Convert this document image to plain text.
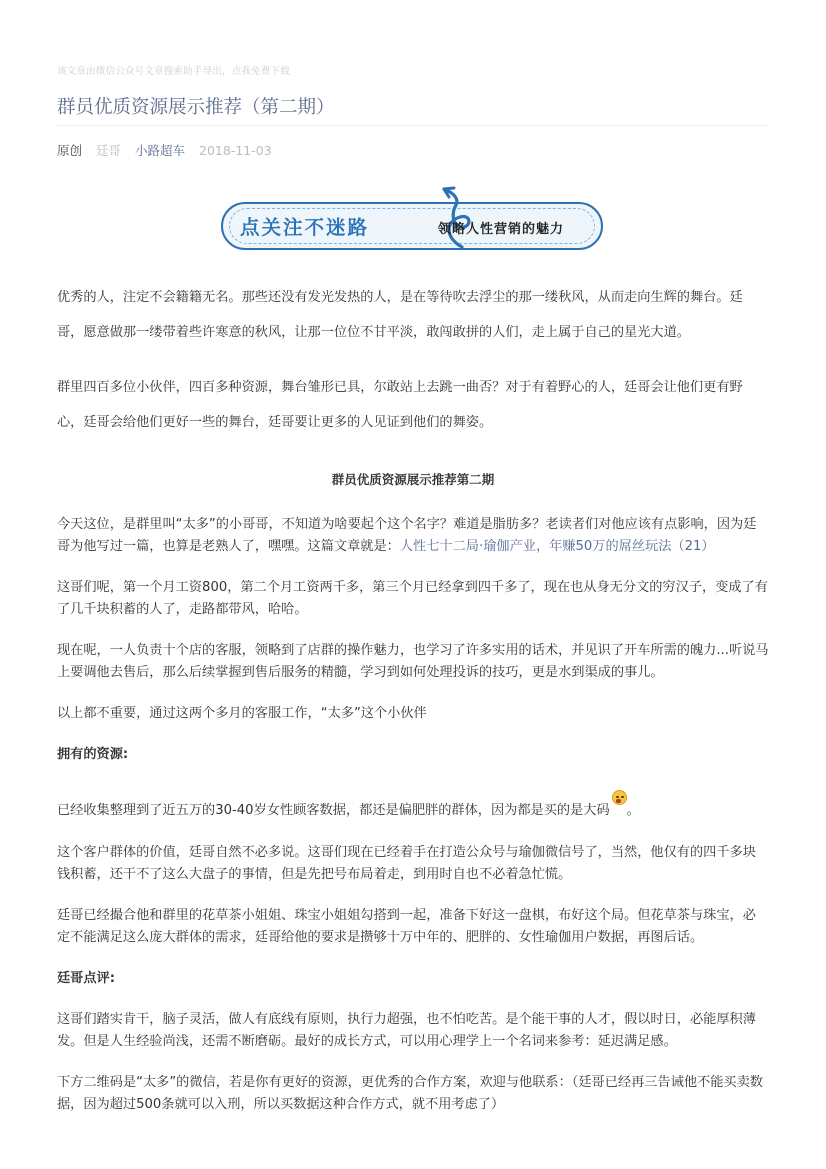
该文章由微信公众号文章搜索助手导出，点我免费下载
群员优质资源展示推荐（第二期）
原创 廷哥 小路超车 2018-11-03
点关注不迷路	领略人性营销的魅力

优秀的人，注定不会籍籍无名。那些还没有发光发热的人，是在等待吹去浮尘的那一缕秋风，从而走向生辉的舞台。廷哥，愿意做那一缕带着些许寒意的秋风，让那一位位不甘平淡，敢闯敢拼的人们，走上属于自己的星光大道。

群里四百多位小伙伴，四百多种资源，舞台雏形已具，尔敢站上去跳一曲否？对于有着野心的人，廷哥会让他们更有野心，廷哥会给他们更好一些的舞台，廷哥要让更多的人见证到他们的舞姿。

群员优质资源展示推荐第二期

今天这位，是群里叫“太多”的小哥哥，不知道为啥要起个这个名字？难道是脂肪多？老读者们对他应该有点影响，因为廷哥为他写过一篇，也算是老熟人了，嘿嘿。这篇文章就是：人性七十二局·瑜伽产业，年赚50万的屌丝玩法（21）

这哥们呢，第一个月工资800，第二个月工资两千多，第三个月已经拿到四千多了，现在也从身无分文的穷汉子，变成了有了几千块积蓄的人了，走路都带风，哈哈。

现在呢，一人负责十个店的客服，领略到了店群的操作魅力，也学习了许多实用的话术，并见识了开车所需的魄力...听说马上要调他去售后，那么后续掌握到售后服务的精髓，学习到如何处理投诉的技巧，更是水到渠成的事儿。

以上都不重要，通过这两个多月的客服工作，“太多”这个小伙伴

拥有的资源:

已经收集整理到了近五万的30-40岁女性顾客数据，都还是偏肥胖的群体，因为都是买的是大码 。

这个客户群体的价值，廷哥自然不必多说。这哥们现在已经着手在打造公众号与瑜伽微信号了，当然，他仅有的四千多块钱积蓄，还干不了这么大盘子的事情，但是先把号布局着走，到用时自也不必着急忙慌。

廷哥已经撮合他和群里的花草茶小姐姐、珠宝小姐姐勾搭到一起，准备下好这一盘棋，布好这个局。但花草茶与珠宝，必定不能满足这么庞大群体的需求，廷哥给他的要求是攒够十万中年的、肥胖的、女性瑜伽用户数据，再图后话。

廷哥点评:

这哥们踏实肯干，脑子灵活，做人有底线有原则，执行力超强，也不怕吃苦。是个能干事的人才，假以时日，必能厚积薄发。但是人生经验尚浅，还需不断磨砺。最好的成长方式，可以用心理学上一个名词来参考：延迟满足感。

下方二维码是“太多”的微信，若是你有更好的资源，更优秀的合作方案，欢迎与他联系：（廷哥已经再三告诫他不能买卖数据，因为超过500条就可以入刑，所以买数据这种合作方式，就不用考虑了）
